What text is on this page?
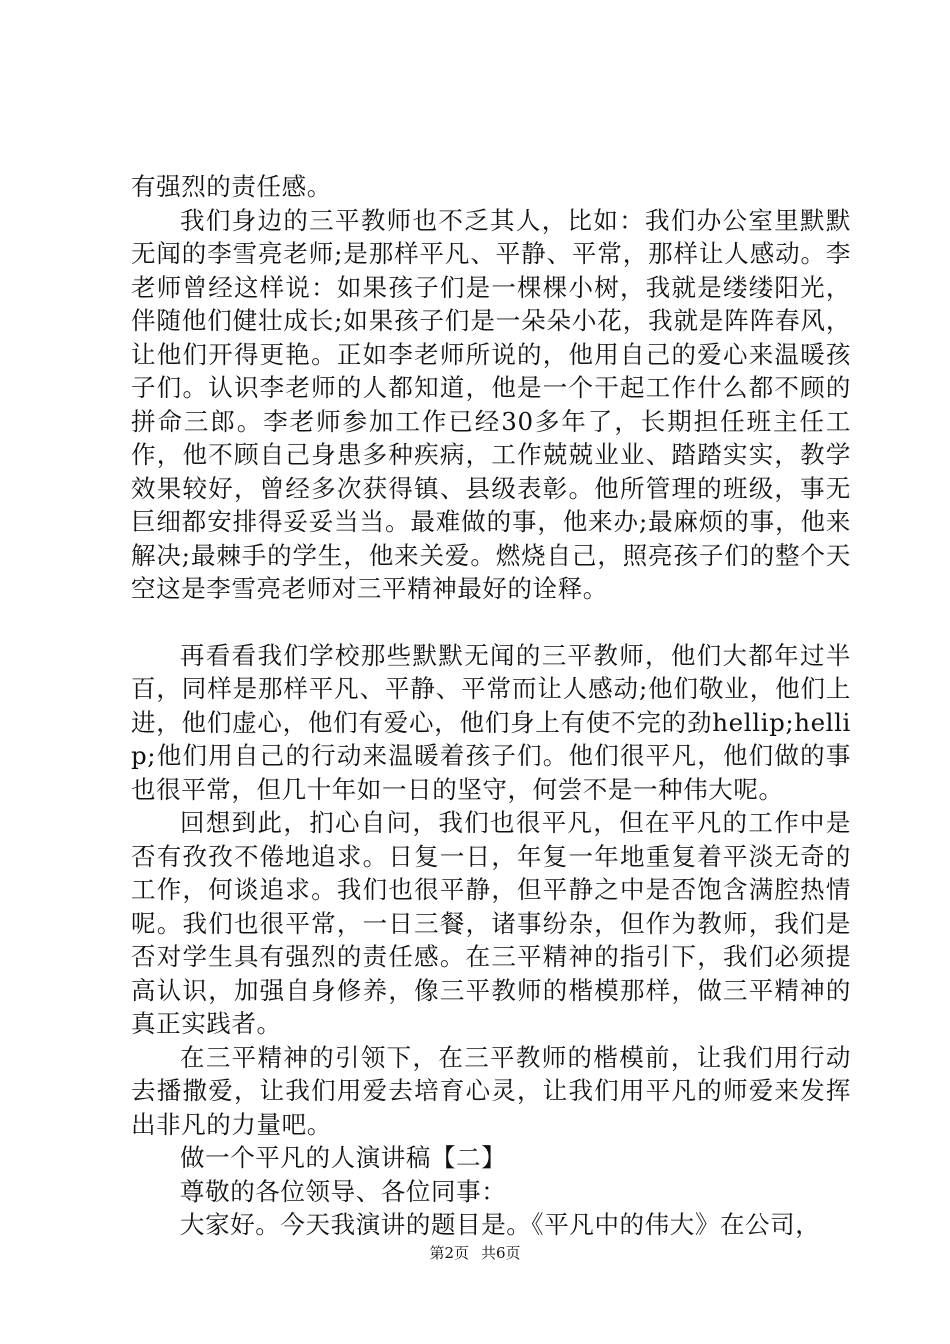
有强烈的责任感。

我们身边的三平教师也不乏其人，比如：我们办公室里默默无闻的李雪亮老师;是那样平凡、平静、平常，那样让人感动。李老师曾经这样说：如果孩子们是一棵棵小树，我就是缕缕阳光，伴随他们健壮成长;如果孩子们是一朵朵小花，我就是阵阵春风，让他们开得更艳。正如李老师所说的，他用自己的爱心来温暖孩子们。认识李老师的人都知道，他是一个干起工作什么都不顾的拼命三郎。李老师参加工作已经30多年了，长期担任班主任工作，他不顾自己身患多种疾病，工作兢兢业业、踏踏实实，教学效果较好，曾经多次获得镇、县级表彰。他所管理的班级，事无巨细都安排得妥妥当当。最难做的事，他来办;最麻烦的事，他来解决;最棘手的学生，他来关爱。燃烧自己，照亮孩子们的整个天空这是李雪亮老师对三平精神最好的诠释。

再看看我们学校那些默默无闻的三平教师，他们大都年过半百，同样是那样平凡、平静、平常而让人感动;他们敬业，他们上进，他们虚心，他们有爱心，他们身上有使不完的劲hellip;hellip;他们用自己的行动来温暖着孩子们。他们很平凡，他们做的事也很平常，但几十年如一日的坚守，何尝不是一种伟大呢。

回想到此，扪心自问，我们也很平凡，但在平凡的工作中是否有孜孜不倦地追求。日复一日，年复一年地重复着平淡无奇的工作，何谈追求。我们也很平静，但平静之中是否饱含满腔热情呢。我们也很平常，一日三餐，诸事纷杂，但作为教师，我们是否对学生具有强烈的责任感。在三平精神的指引下，我们必须提高认识，加强自身修养，像三平教师的楷模那样，做三平精神的真正实践者。

在三平精神的引领下，在三平教师的楷模前，让我们用行动去播撒爱，让我们用爱去培育心灵，让我们用平凡的师爱来发挥出非凡的力量吧。

做一个平凡的人演讲稿【二】

尊敬的各位领导、各位同事：

大家好。今天我演讲的题目是。《平凡中的伟大》在公司，

第2页 共6页
